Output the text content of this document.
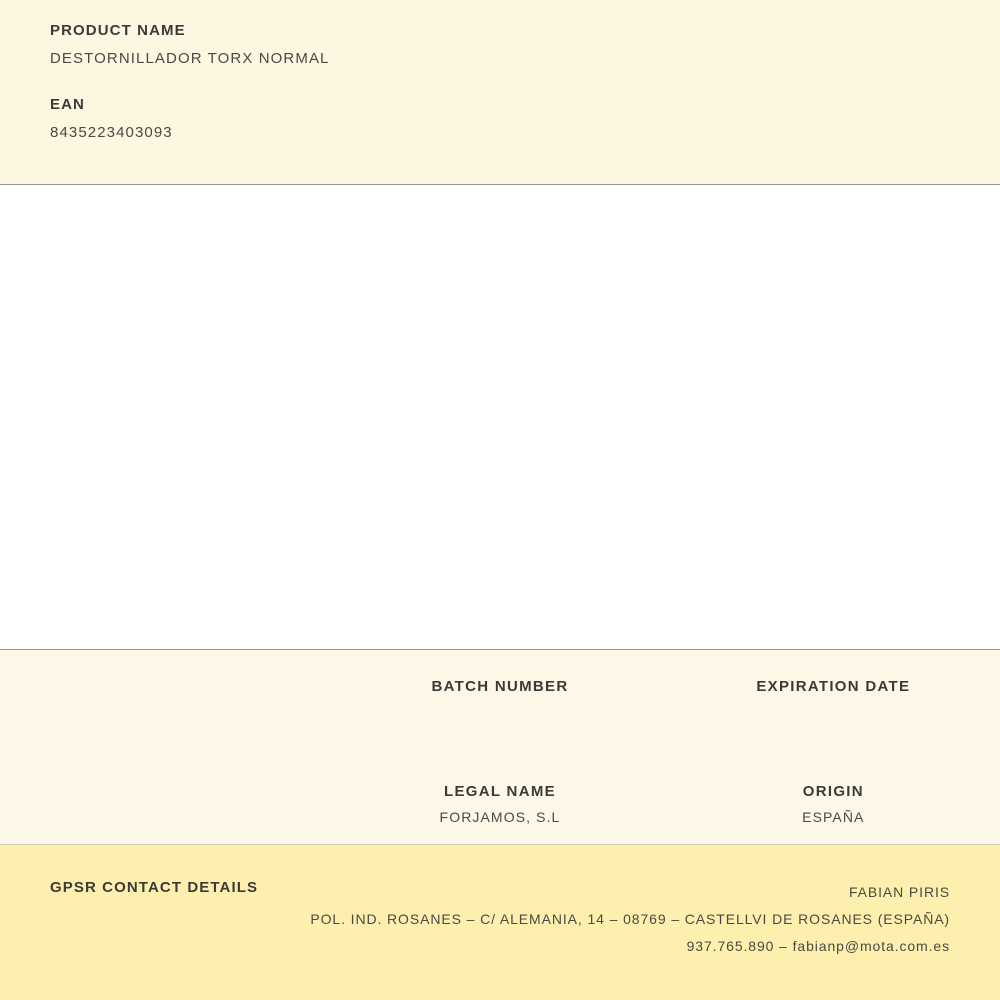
PRODUCT NAME

DESTORNILLADOR TORX NORMAL

EAN

8435223403093

BATCH NUMBER	EXPIRATION DATE

LEGAL NAME

FORJAMOS, S.L

ORIGIN

ESPAÑA

GPSR CONTACT DETAILS	FABIAN PIRIS

POL. IND. ROSANES – C/ ALEMANIA, 14 – 08769 – CASTELLVI DE ROSANES (ESPAÑA)

937.765.890 – fabianp@mota.com.es
